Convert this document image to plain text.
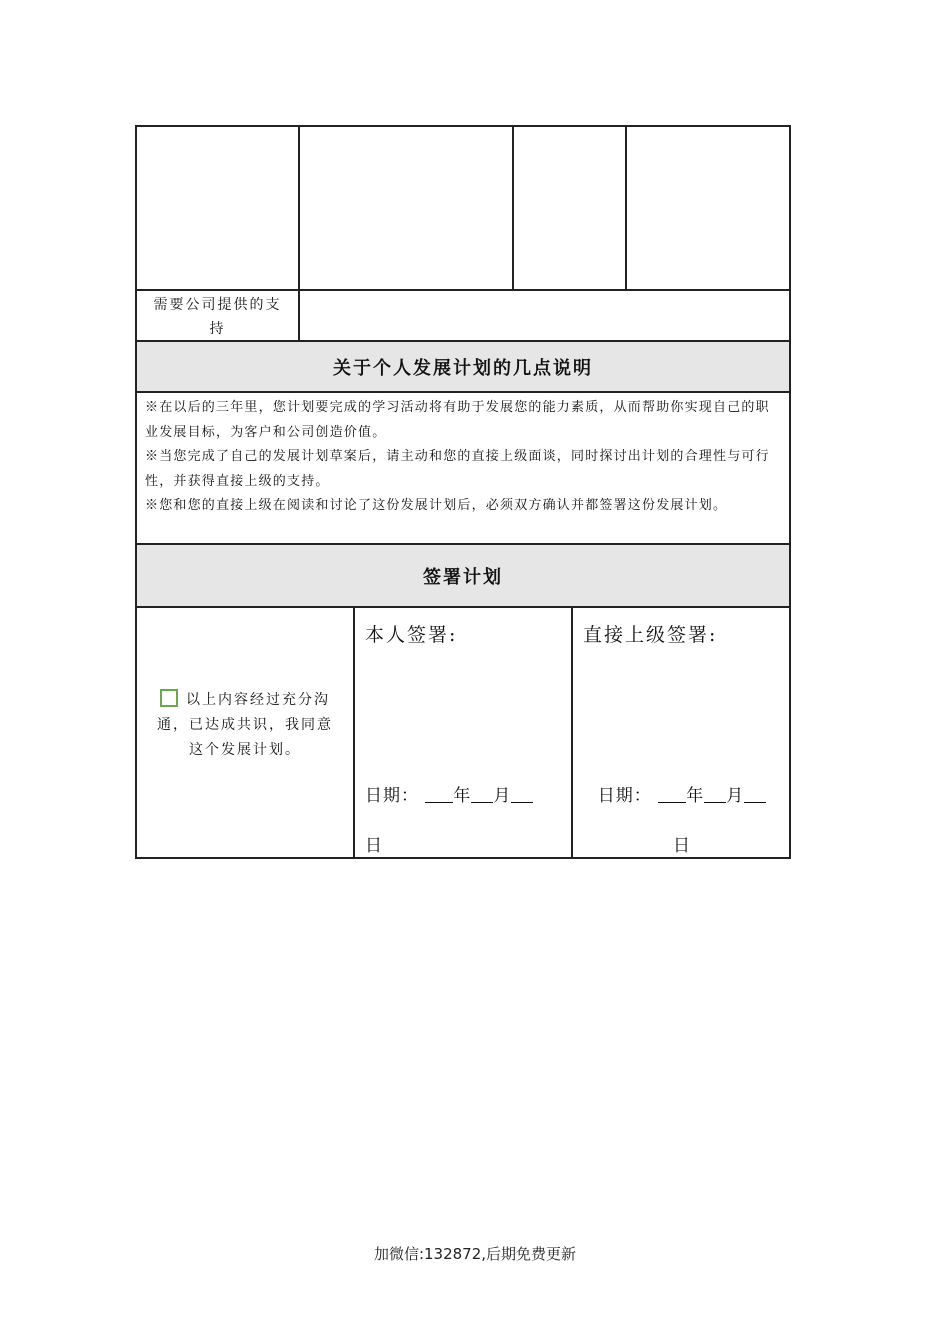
需要公司提供的支持
关于个人发展计划的几点说明

※在以后的三年里，您计划要完成的学习活动将有助于发展您的能力素质，从而帮助你实现自己的职业发展目标，为客户和公司创造价值。

※当您完成了自己的发展计划草案后，请主动和您的直接上级面谈，同时探讨出计划的合理性与可行性，并获得直接上级的支持。

※您和您的直接上级在阅读和讨论了这份发展计划后，必须双方确认并都签署这份发展计划。

签署计划
以上内容经过充分沟通，已达成共识，我同意这个发展计划。
本人签署:
日期： 年 月
日
直接上级签署:
日期： 年 月
日
加微信:132872,后期免费更新
